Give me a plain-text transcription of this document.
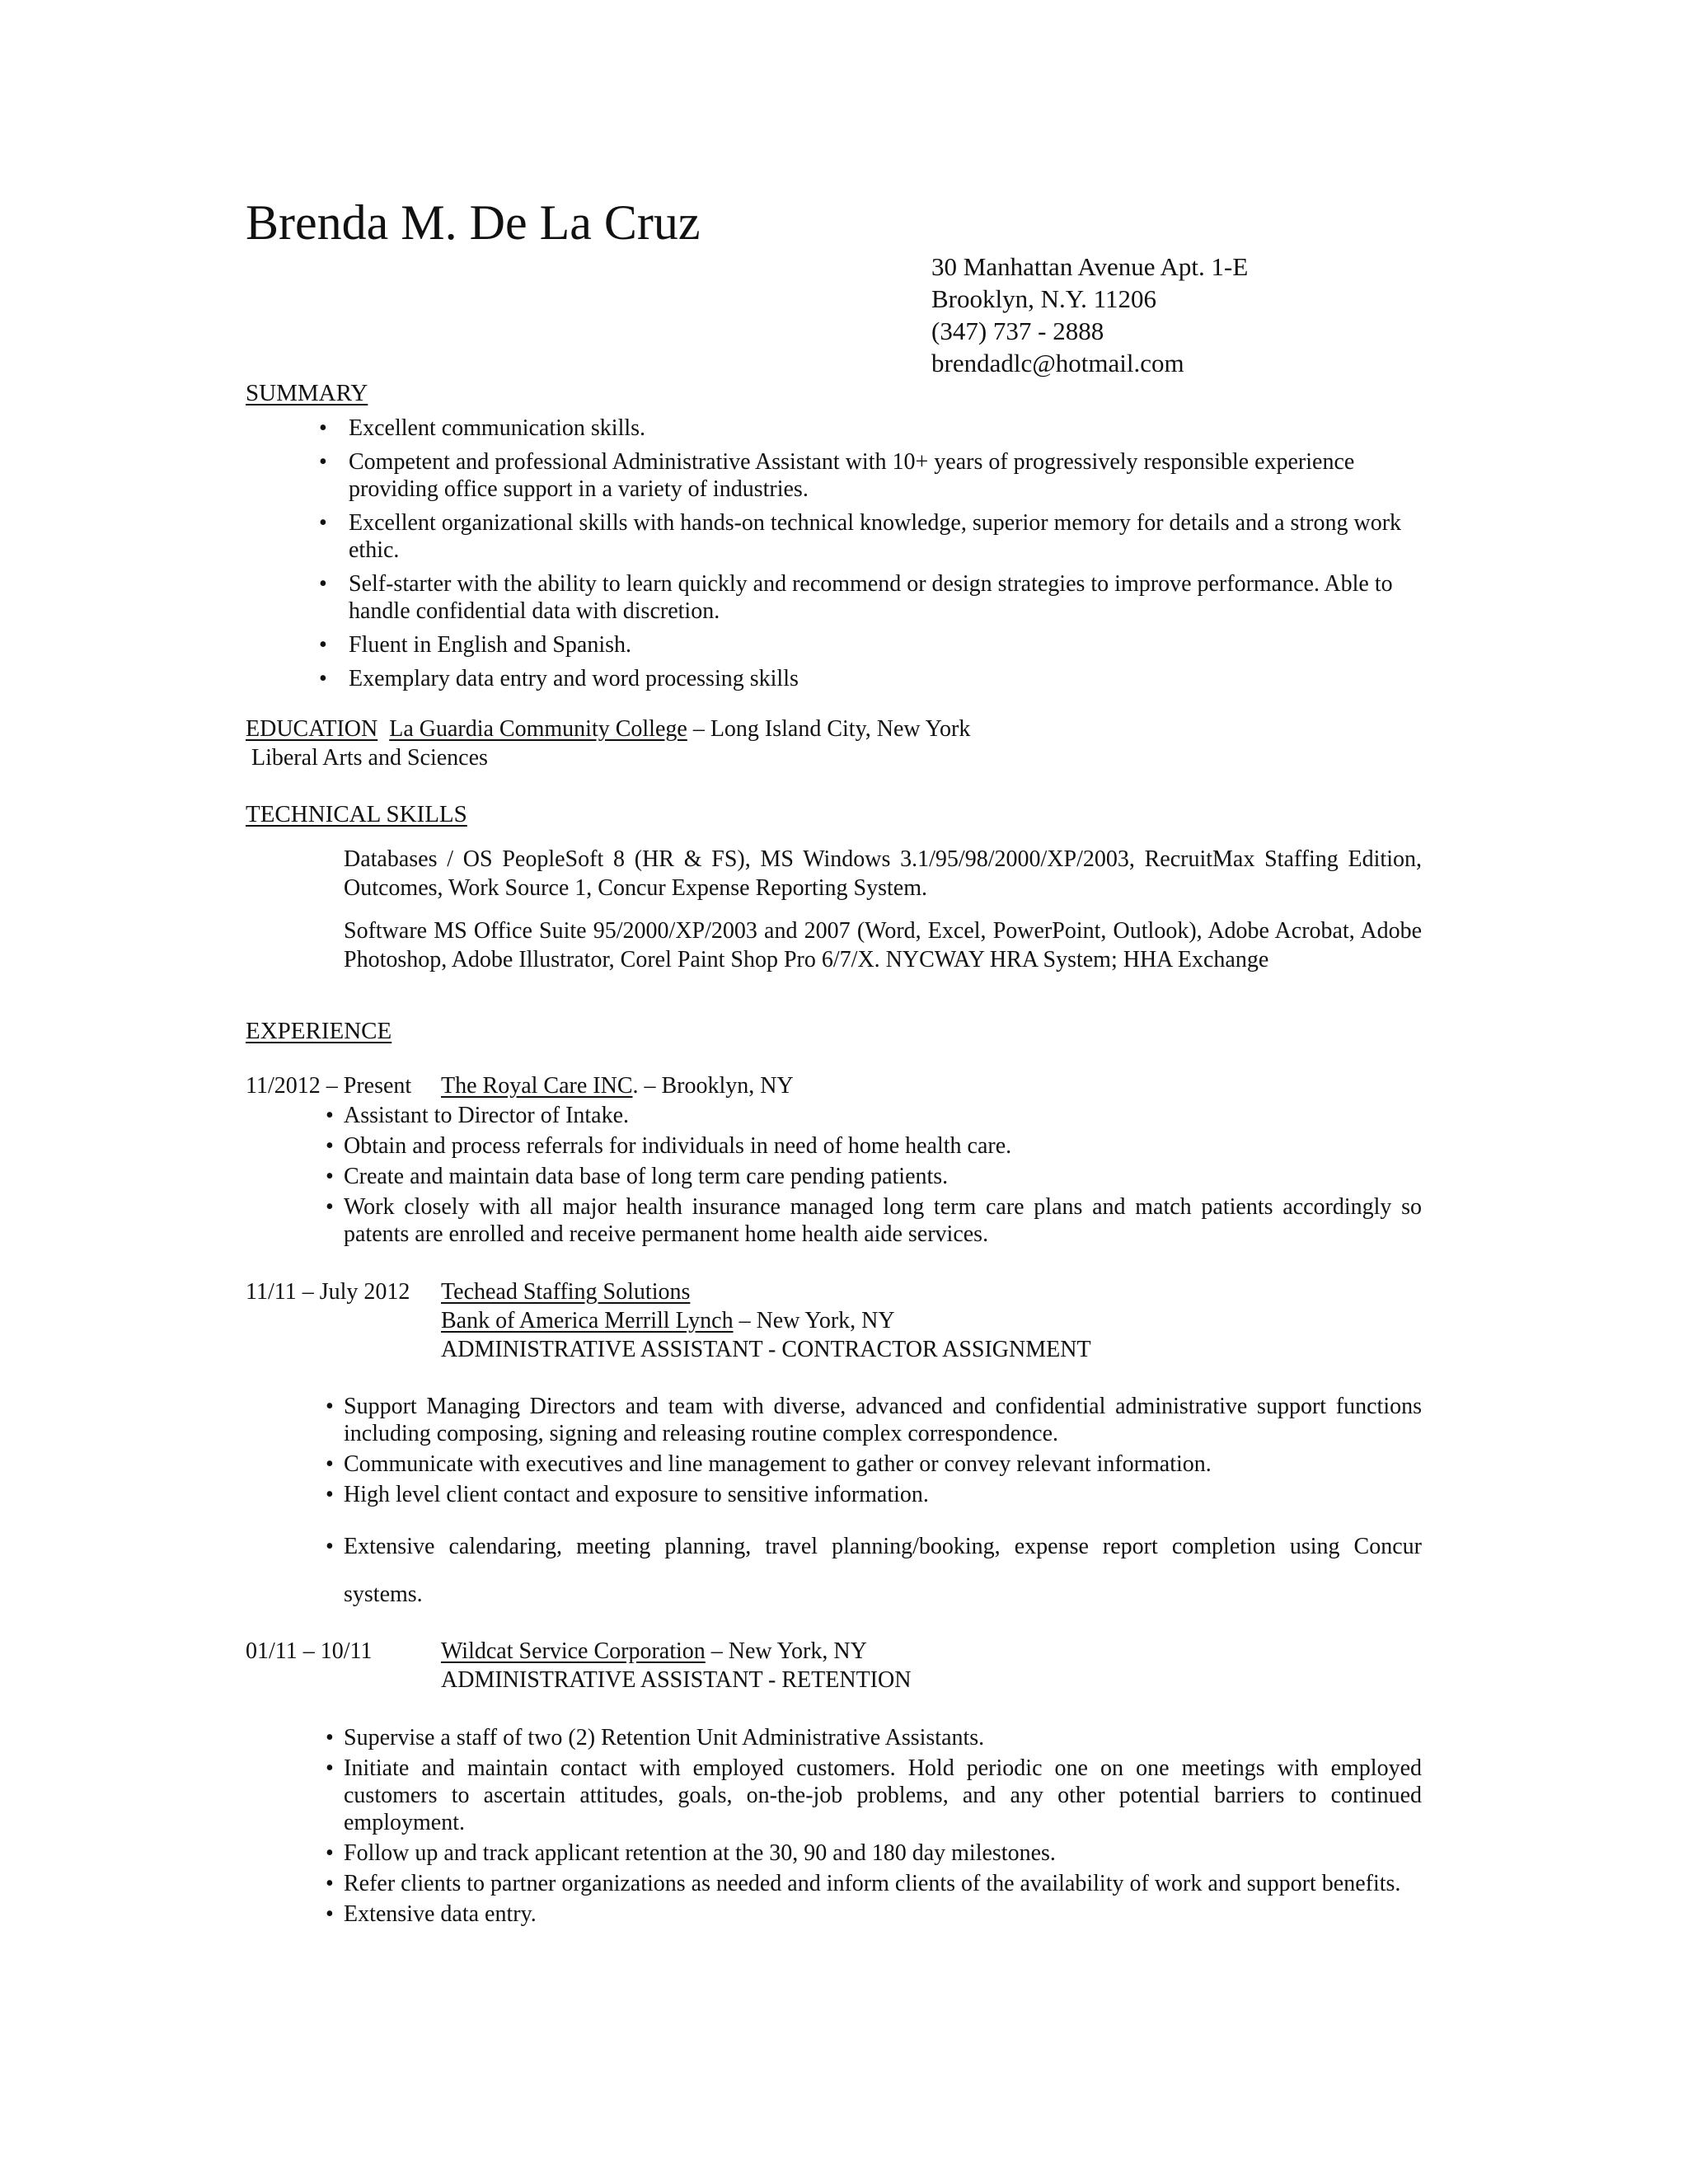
Brenda M. De La Cruz
30 Manhattan Avenue Apt. 1-E
Brooklyn, N.Y. 11206
(347) 737 - 2888
brendadlc@hotmail.com
SUMMARY
• Excellent communication skills.
• Competent and professional Administrative Assistant with 10+ years of progressively responsible experience providing office support in a variety of industries.
• Excellent organizational skills with hands-on technical knowledge, superior memory for details and a strong work ethic.
• Self-starter with the ability to learn quickly and recommend or design strategies to improve performance. Able to handle confidential data with discretion.
• Fluent in English and Spanish.
• Exemplary data entry and word processing skills
EDUCATION La Guardia Community College – Long Island City, New York
Liberal Arts and Sciences
TECHNICAL SKILLS
Databases / OS PeopleSoft 8 (HR & FS), MS Windows 3.1/95/98/2000/XP/2003, RecruitMax Staffing Edition, Outcomes, Work Source 1, Concur Expense Reporting System.
Software MS Office Suite 95/2000/XP/2003 and 2007 (Word, Excel, PowerPoint, Outlook), Adobe Acrobat, Adobe Photoshop, Adobe Illustrator, Corel Paint Shop Pro 6/7/X. NYCWAY HRA System; HHA Exchange
EXPERIENCE
11/2012 – Present The Royal Care INC. – Brooklyn, NY
• Assistant to Director of Intake.
• Obtain and process referrals for individuals in need of home health care.
• Create and maintain data base of long term care pending patients.
• Work closely with all major health insurance managed long term care plans and match patients accordingly so patents are enrolled and receive permanent home health aide services.
11/11 – July 2012 Techead Staffing Solutions
Bank of America Merrill Lynch – New York, NY
ADMINISTRATIVE ASSISTANT - CONTRACTOR ASSIGNMENT
• Support Managing Directors and team with diverse, advanced and confidential administrative support functions including composing, signing and releasing routine complex correspondence.
• Communicate with executives and line management to gather or convey relevant information.
• High level client contact and exposure to sensitive information.
• Extensive calendaring, meeting planning, travel planning/booking, expense report completion using Concur systems.
01/11 – 10/11	Wildcat Service Corporation – New York, NY
ADMINISTRATIVE ASSISTANT - RETENTION
• Supervise a staff of two (2) Retention Unit Administrative Assistants.
• Initiate and maintain contact with employed customers. Hold periodic one on one meetings with employed customers to ascertain attitudes, goals, on-the-job problems, and any other potential barriers to continued employment.
• Follow up and track applicant retention at the 30, 90 and 180 day milestones.
• Refer clients to partner organizations as needed and inform clients of the availability of work and support benefits.
• Extensive data entry.
